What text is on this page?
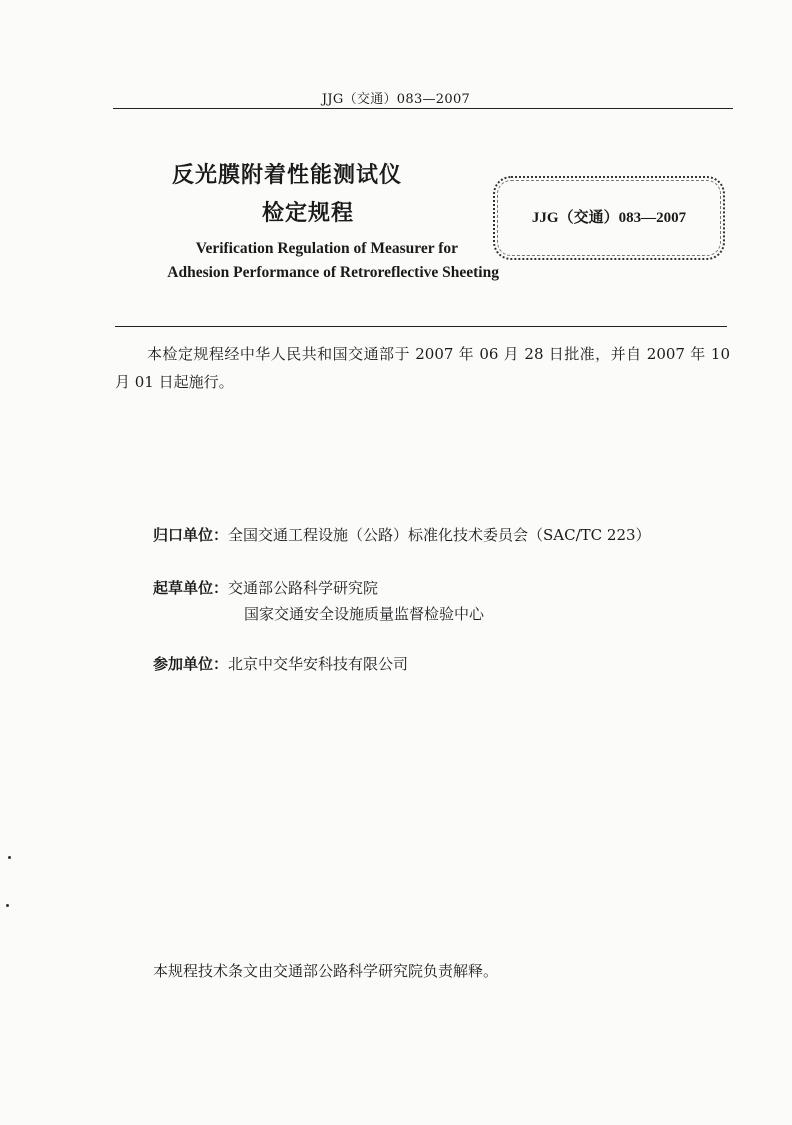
JJG（交通）083—2007
反光膜附着性能测试仪
检定规程
Verification Regulation of Measurer for
Adhesion Performance of Retroreflective Sheeting
JJG（交通）083—2007
本检定规程经中华人民共和国交通部于 2007 年 06 月 28 日批准，并自 2007 年 10 月 01 日起施行。
归口单位：全国交通工程设施（公路）标准化技术委员会（SAC/TC 223）
起草单位：交通部公路科学研究院
国家交通安全设施质量监督检验中心
参加单位：北京中交华安科技有限公司
本规程技术条文由交通部公路科学研究院负责解释。
